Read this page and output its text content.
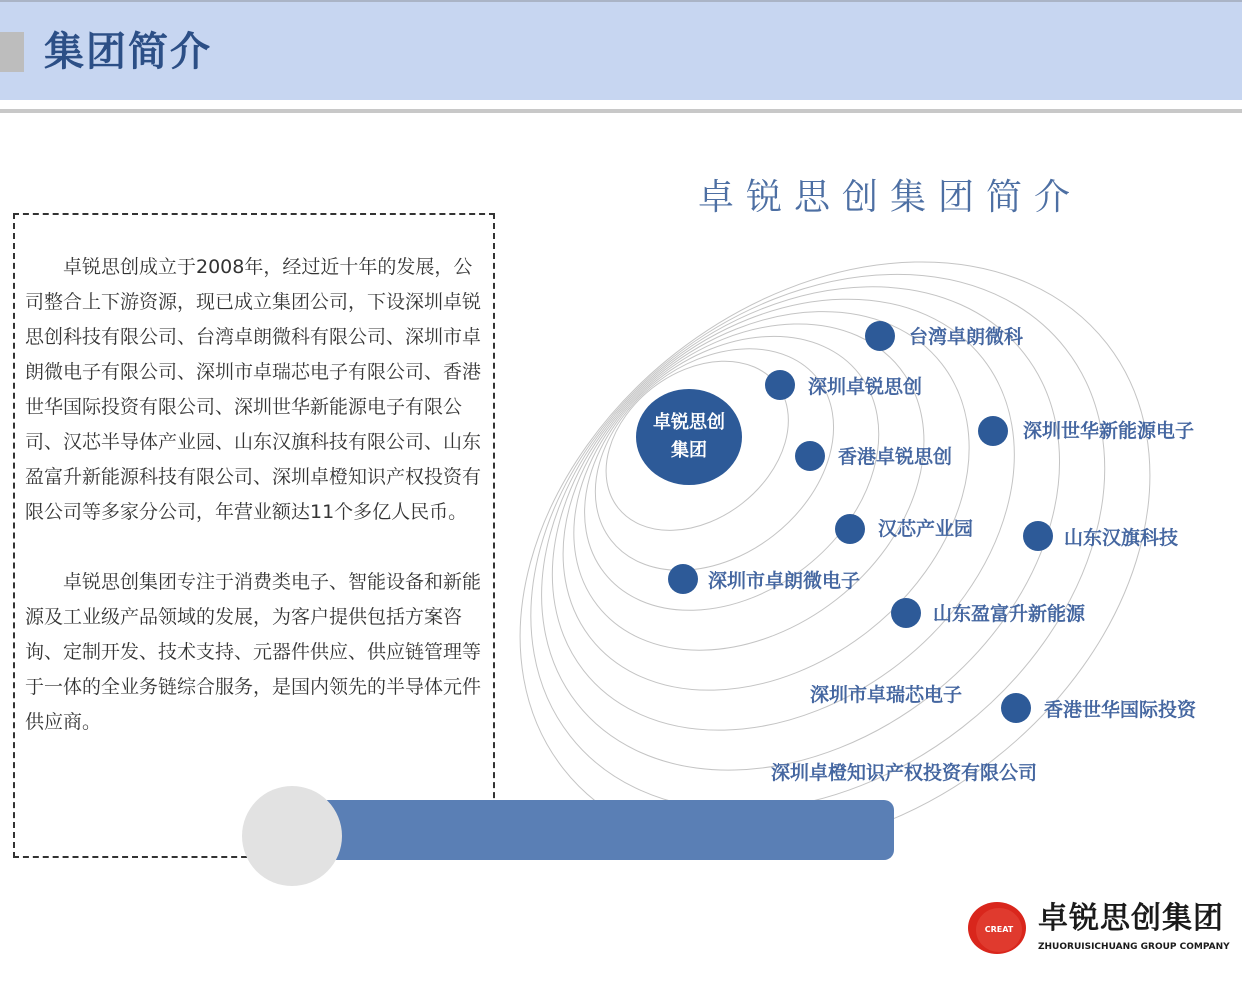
集团简介

卓锐思创成立于2008年，经过近十年的发展，公司整合上下游资源，现已成立集团公司，下设深圳卓锐思创科技有限公司、台湾卓朗微科有限公司、深圳市卓朗微电子有限公司、深圳市卓瑞芯电子有限公司、香港世华国际投资有限公司、深圳世华新能源电子有限公司、汉芯半导体产业园、山东汉旗科技有限公司、山东盈富升新能源科技有限公司、深圳卓橙知识产权投资有限公司等多家分公司，年营业额达11个多亿人民币。

卓锐思创集团专注于消费类电子、智能设备和新能源及工业级产品领域的发展，为客户提供包括方案咨询、定制开发、技术支持、元器件供应、供应链管理等于一体的全业务链综合服务，是国内领先的半导体元件供应商。

卓锐思创集团简介
卓锐思创
集团
台湾卓朗微科
深圳卓锐思创
深圳世华新能源电子
香港卓锐思创
汉芯产业园	山东汉旗科技
深圳市卓朗微电子
山东盈富升新能源
深圳市卓瑞芯电子
香港世华国际投资
深圳卓橙知识产权投资有限公司
CREAT 卓锐思创集团
ZHUORUISICHUANG GROUP COMPANY
